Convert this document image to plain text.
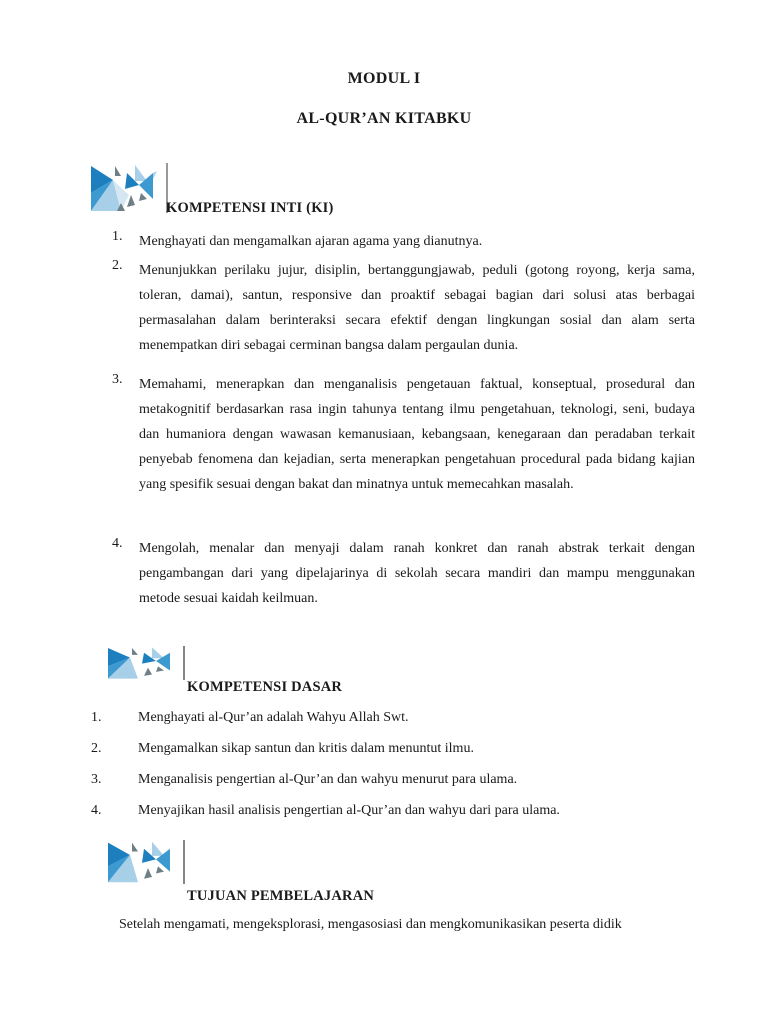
MODUL I
AL-QUR’AN KITABKU
KOMPETENSI INTI (KI)
1. Menghayati dan mengamalkan ajaran agama yang dianutnya.
2. Menunjukkan perilaku jujur, disiplin, bertanggungjawab, peduli (gotong royong, kerja sama, toleran, damai), santun, responsive dan proaktif sebagai bagian dari solusi atas berbagai permasalahan dalam berinteraksi secara efektif dengan lingkungan sosial dan alam serta menempatkan diri sebagai cerminan bangsa dalam pergaulan dunia.
3. Memahami, menerapkan dan menganalisis pengetauan faktual, konseptual, prosedural dan metakognitif berdasarkan rasa ingin tahunya tentang ilmu pengetahuan, teknologi, seni, budaya dan humaniora dengan wawasan kemanusiaan, kebangsaan, kenegaraan dan peradaban terkait penyebab fenomena dan kejadian, serta menerapkan pengetahuan procedural pada bidang kajian yang spesifik sesuai dengan bakat dan minatnya untuk memecahkan masalah.
4. Mengolah, menalar dan menyaji dalam ranah konkret dan ranah abstrak terkait dengan pengambangan dari yang dipelajarinya di sekolah secara mandiri dan mampu menggunakan metode sesuai kaidah keilmuan.
KOMPETENSI DASAR
1.	Menghayati al-Qur’an adalah Wahyu Allah Swt.
2.	Mengamalkan sikap santun dan kritis dalam menuntut ilmu.
3.	Menganalisis pengertian al-Qur’an dan wahyu menurut para ulama.
4.	Menyajikan hasil analisis pengertian al-Qur’an dan wahyu dari para ulama.
TUJUAN PEMBELAJARAN
Setelah mengamati, mengeksplorasi, mengasosiasi dan mengkomunikasikan peserta didik
